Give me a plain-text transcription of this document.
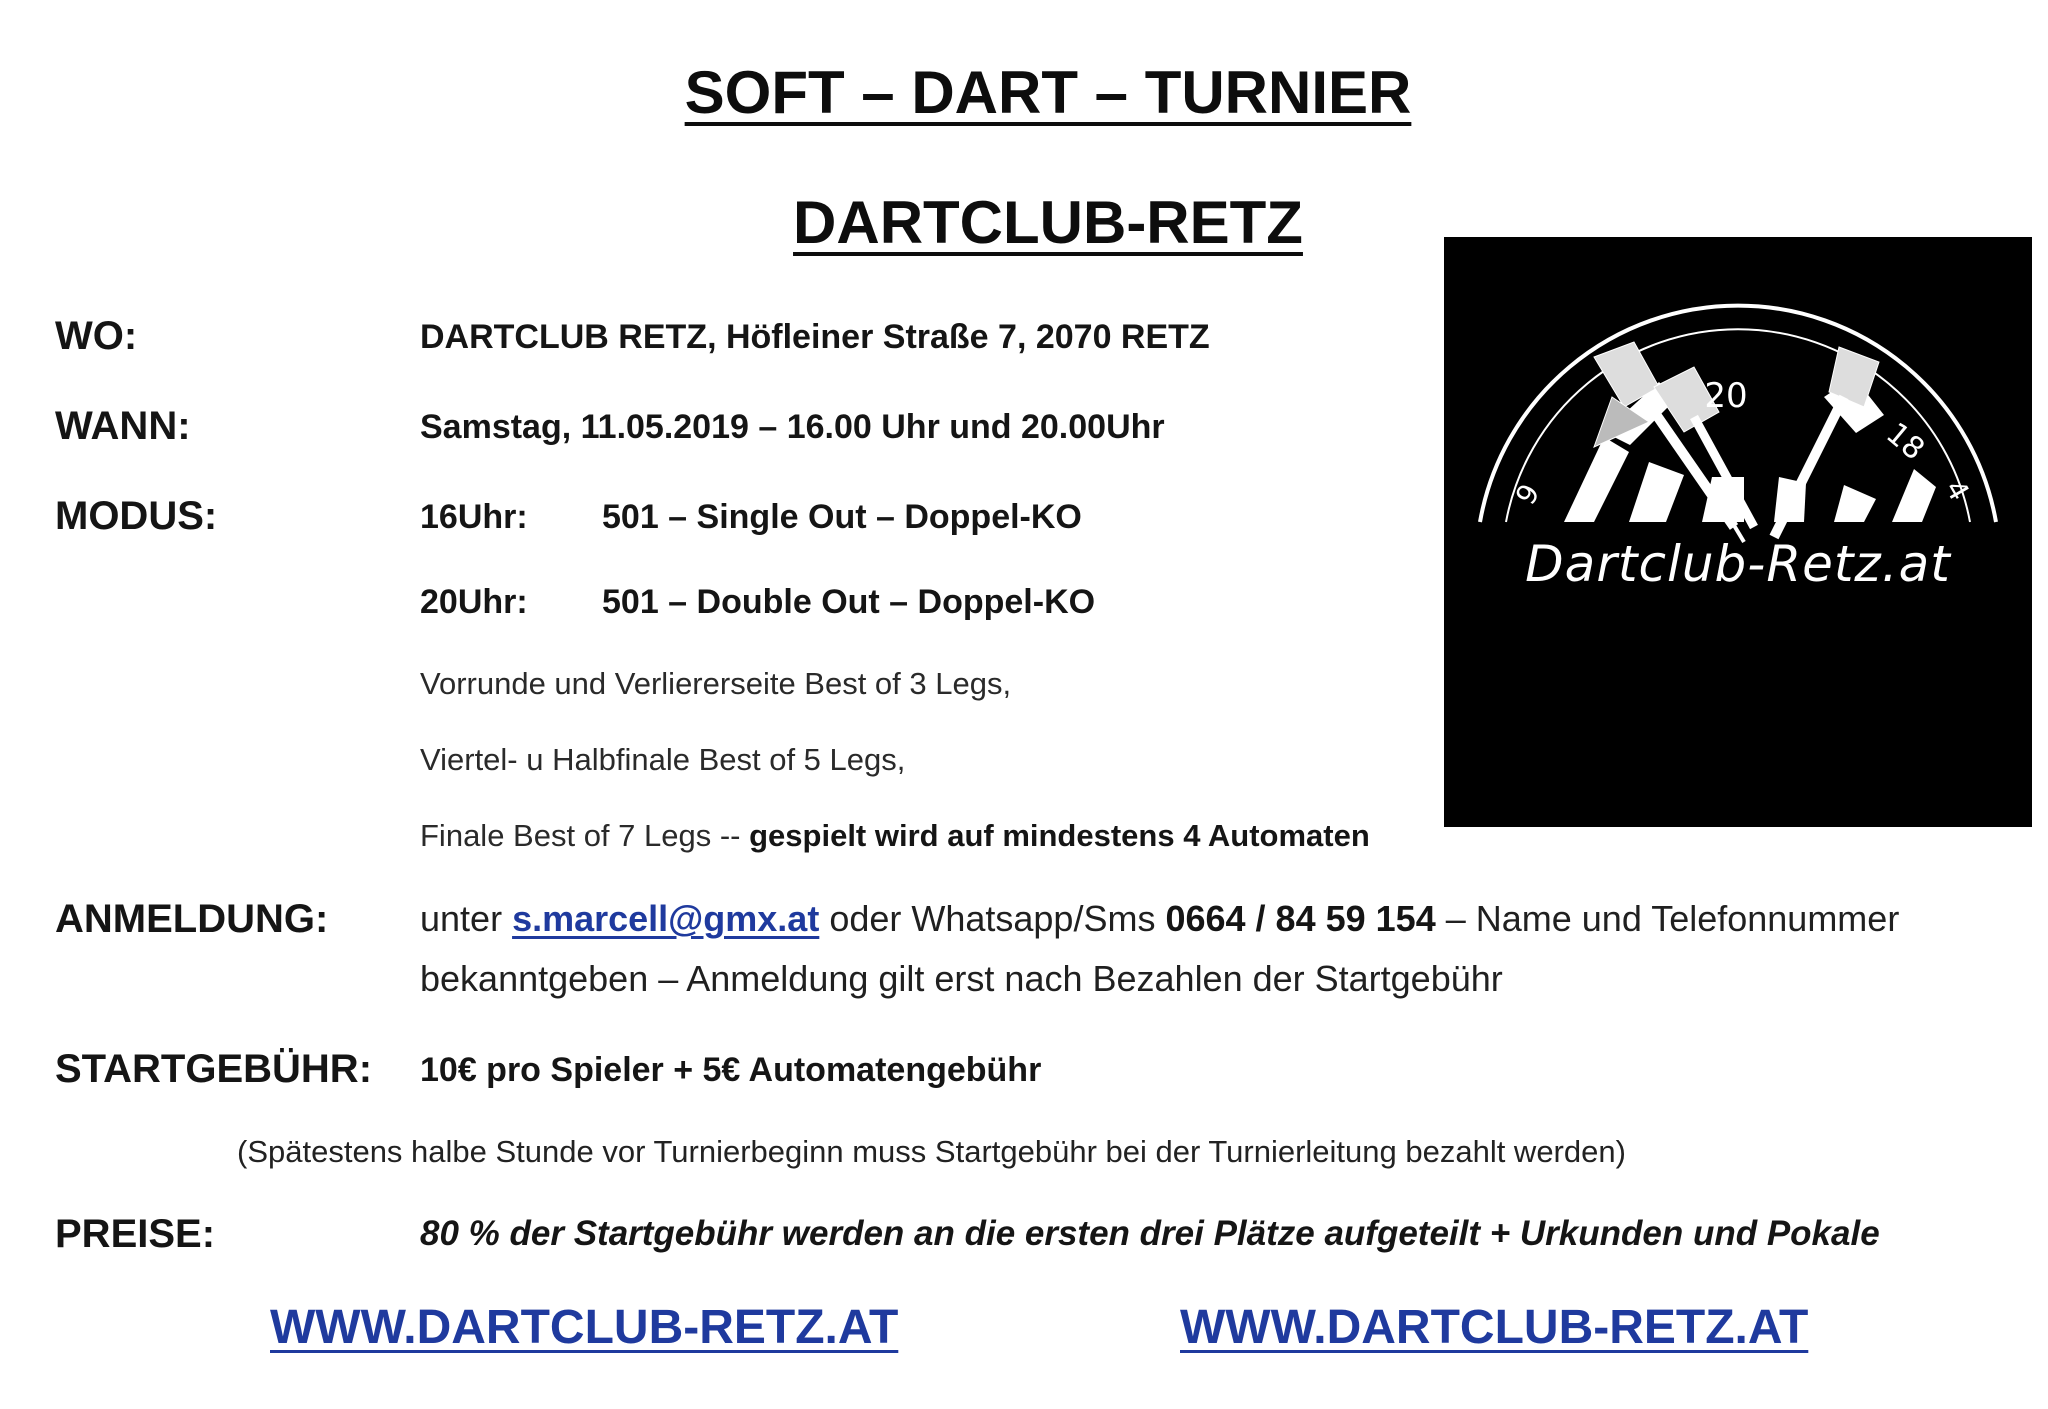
SOFT – DART – TURNIER
DARTCLUB-RETZ
WO:	DARTCLUB RETZ, Höfleiner Straße 7, 2070 RETZ
WANN:	Samstag, 11.05.2019 – 16.00 Uhr und 20.00Uhr
MODUS:	16Uhr: 501 – Single Out – Doppel-KO
20Uhr: 501 – Double Out – Doppel-KO
Vorrunde und Verliererseite Best of 3 Legs,
Viertel- u Halbfinale Best of 5 Legs,
Finale Best of 7 Legs -- gespielt wird auf mindestens 4 Automaten
ANMELDUNG:	unter s.marcell@gmx.at oder Whatsapp/Sms 0664 / 84 59 154 – Name und Telefonnummer
bekanntgeben – Anmeldung gilt erst nach Bezahlen der Startgebühr
STARTGEBÜHR: 10€ pro Spieler + 5€ Automatengebühr
(Spätestens halbe Stunde vor Turnierbeginn muss Startgebühr bei der Turnierleitung bezahlt werden)
PREISE:	80 % der Startgebühr werden an die ersten drei Plätze aufgeteilt + Urkunden und Pokale
WWW.DARTCLUB-RETZ.AT	WWW.DARTCLUB-RETZ.AT
20
18
9	4
Dartclub-Retz.at
